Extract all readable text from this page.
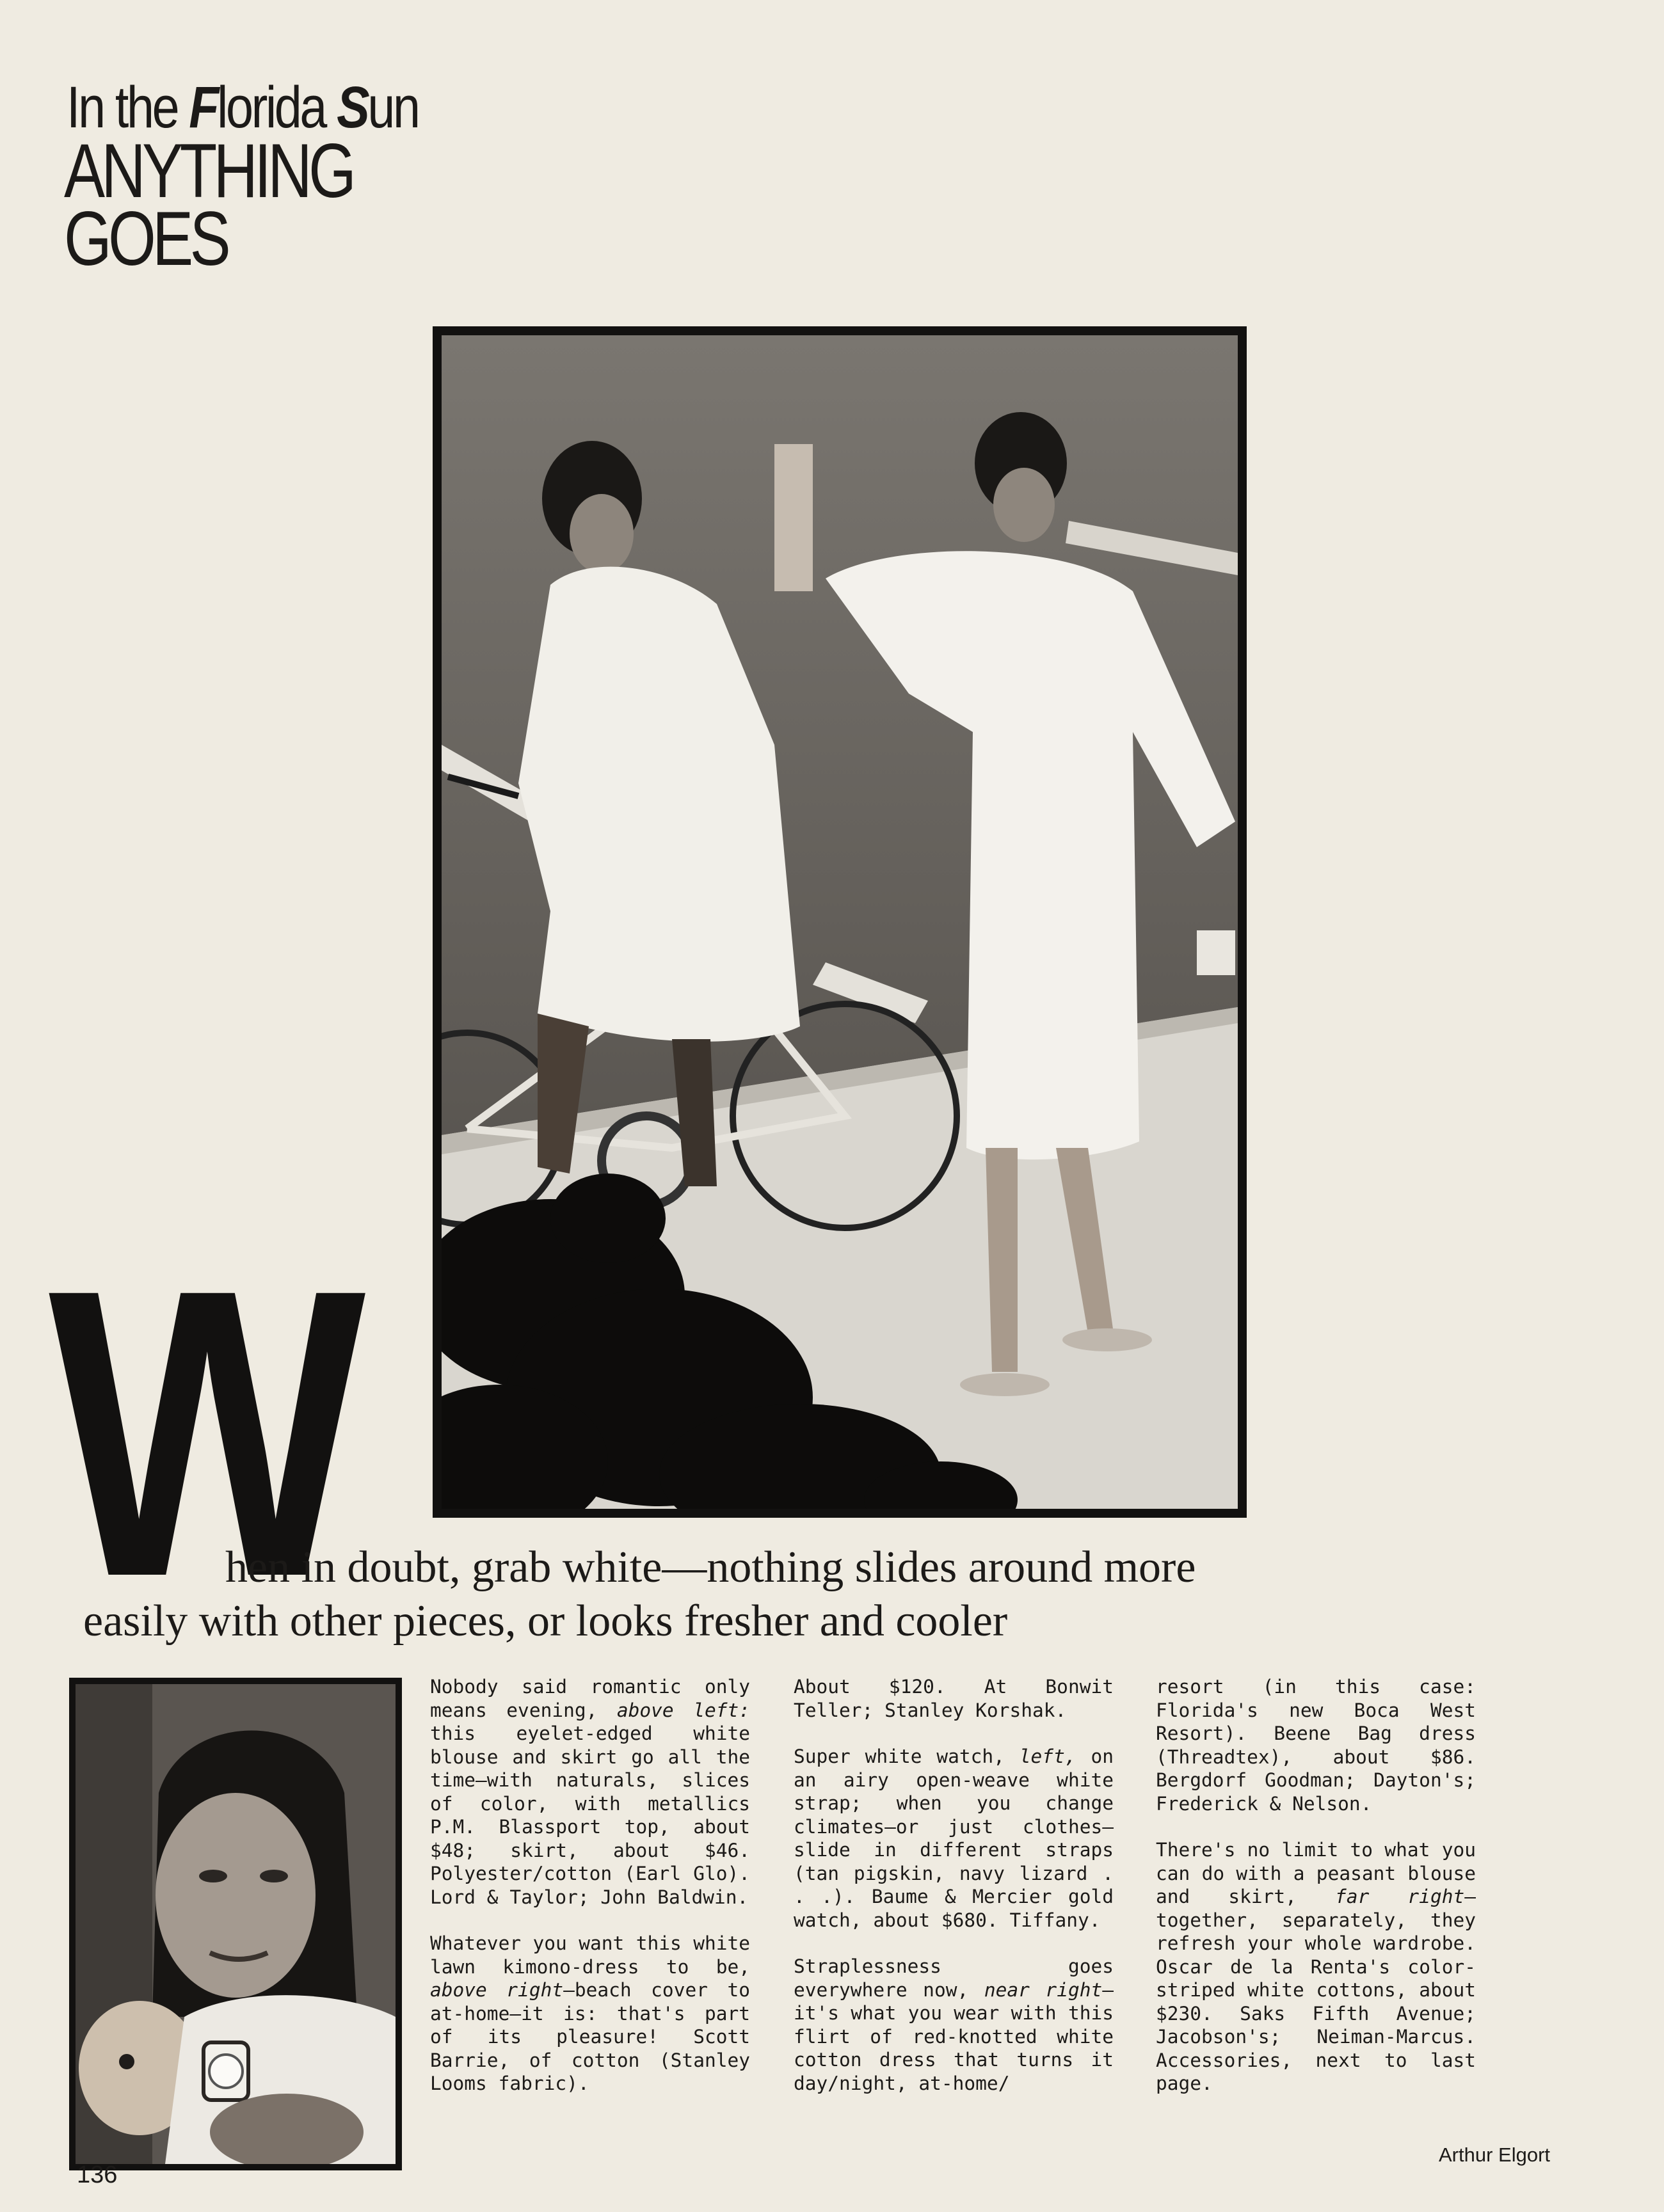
In the Florida Sun
ANYTHING
GOES
W
hen in doubt, grab white—nothing slides around more
easily with other pieces, or looks fresher and cooler

Nobody said romantic only means evening, above left: this eyelet-edged white blouse and skirt go all the time—with naturals, slices of color, with metallics P.M. Blassport top, about $48; skirt, about $46. Polyester/cotton (Earl Glo). Lord & Taylor; John Baldwin.

Whatever you want this white lawn kimono-dress to be, above right—beach cover to at-home—it is: that's part of its pleasure! Scott Barrie, of cotton (Stanley Looms fabric).

About $120. At Bonwit Teller; Stanley Korshak.

Super white watch, left, on an airy open-weave white strap; when you change climates—or just clothes—slide in different straps (tan pigskin, navy lizard . . .). Baume & Mercier gold watch, about $680. Tiffany.

Straplessness goes everywhere now, near right—it's what you wear with this flirt of red-knotted white cotton dress that turns it day/night, at-home/

resort (in this case: Florida's new Boca West Resort). Beene Bag dress (Threadtex), about $86. Bergdorf Goodman; Dayton's; Frederick & Nelson.

There's no limit to what you can do with a peasant blouse and skirt, far right—together, separately, they refresh your whole wardrobe. Oscar de la Renta's color-striped white cottons, about $230. Saks Fifth Avenue; Jacobson's; Neiman-Marcus. Accessories, next to last page.

136
Arthur Elgort
